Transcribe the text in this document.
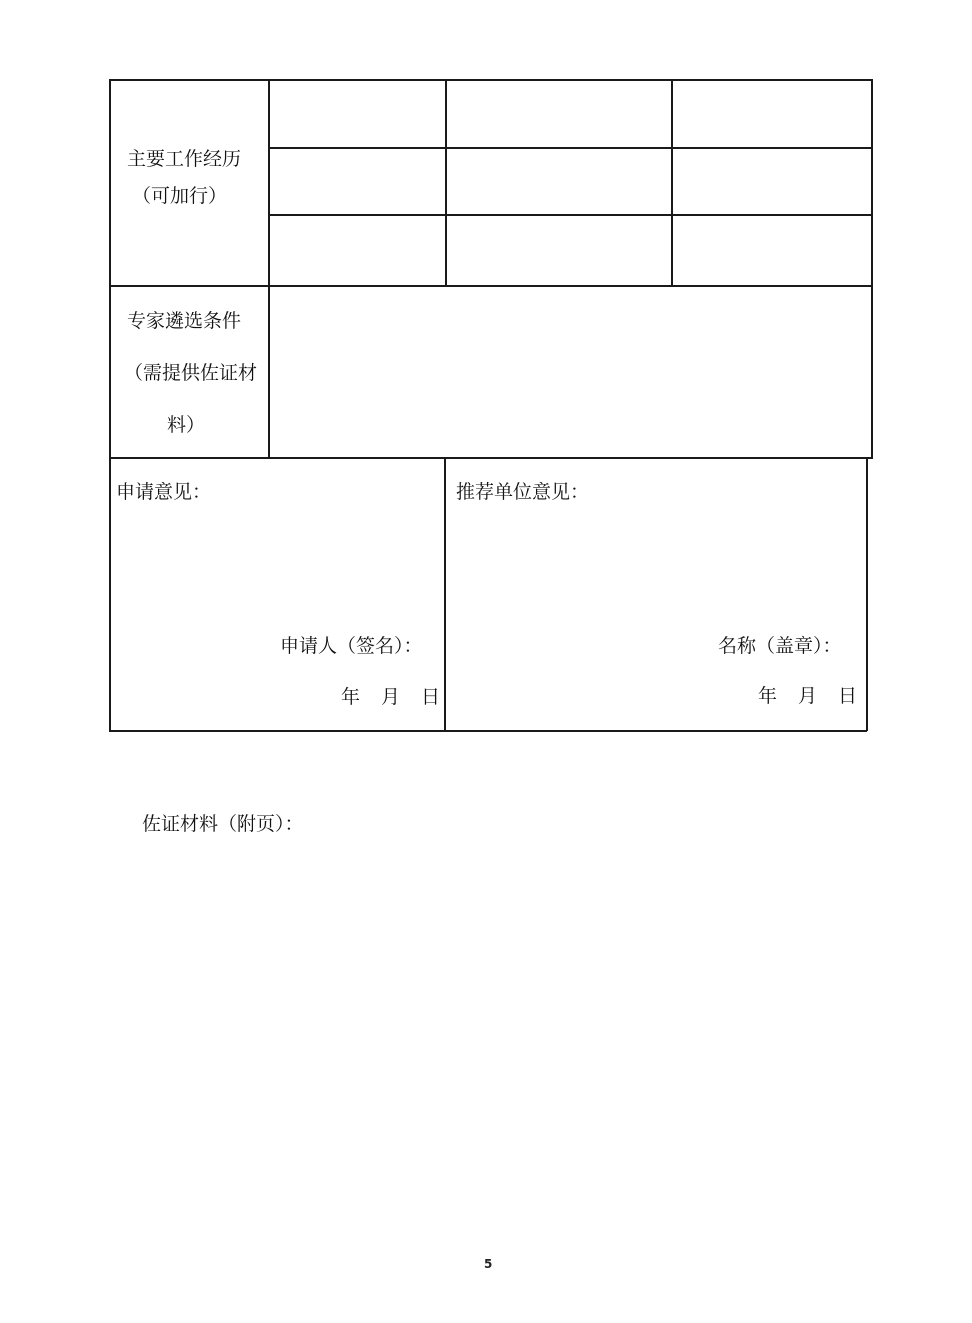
主要工作经历
（可加行）
专家遴选条件
（需提供佐证材
料）
申请意见：
申请人（签名）：
年 月 日
推荐单位意见：
名称（盖章）：
年 月 日
佐证材料（附页）：
5
